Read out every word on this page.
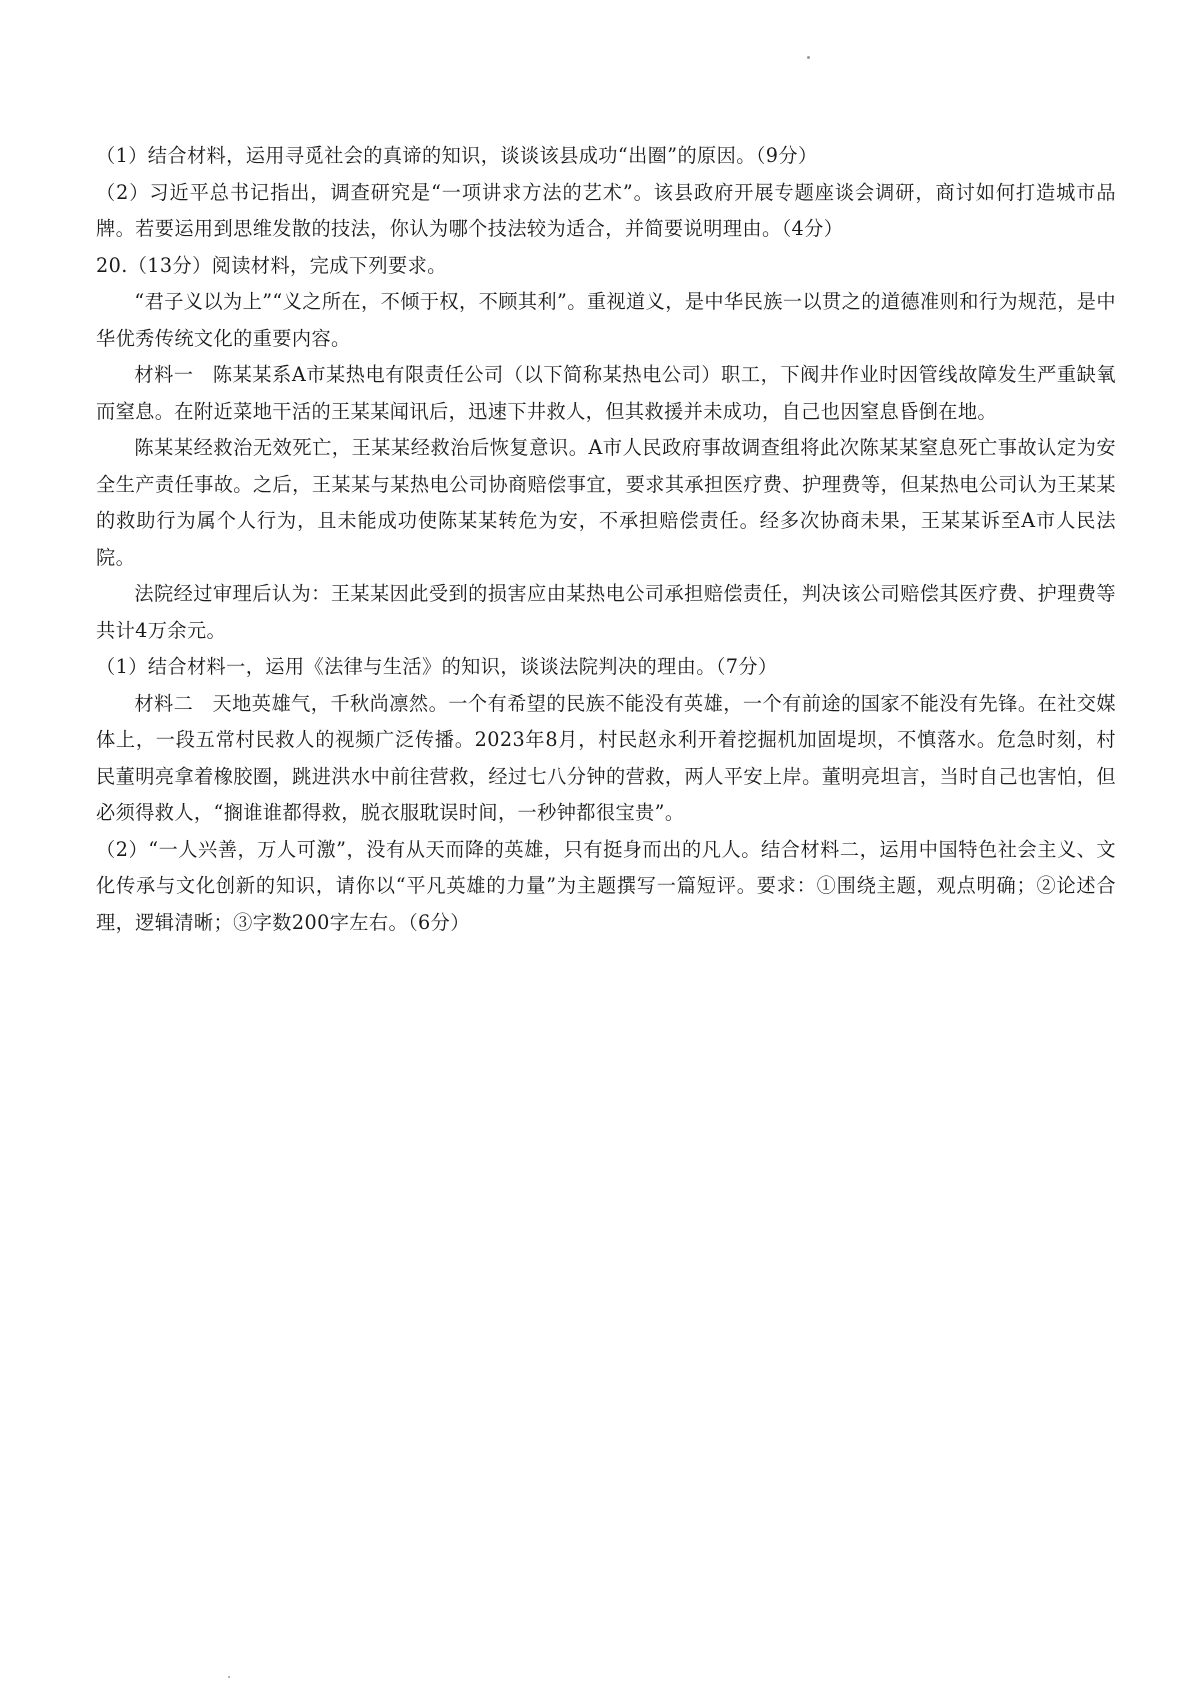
（1）结合材料，运用寻觅社会的真谛的知识，谈谈该县成功“出圈”的原因。（9分）

（2）习近平总书记指出，调查研究是“一项讲求方法的艺术”。该县政府开展专题座谈会调研，商讨如何打造城市品牌。若要运用到思维发散的技法，你认为哪个技法较为适合，并简要说明理由。（4分）

20.（13分）阅读材料，完成下列要求。

“君子义以为上”“义之所在，不倾于权，不顾其利”。重视道义，是中华民族一以贯之的道德准则和行为规范，是中华优秀传统文化的重要内容。

材料一 陈某某系A市某热电有限责任公司（以下简称某热电公司）职工，下阀井作业时因管线故障发生严重缺氧而窒息。在附近菜地干活的王某某闻讯后，迅速下井救人，但其救援并未成功，自己也因窒息昏倒在地。

陈某某经救治无效死亡，王某某经救治后恢复意识。A市人民政府事故调查组将此次陈某某窒息死亡事故认定为安全生产责任事故。之后，王某某与某热电公司协商赔偿事宜，要求其承担医疗费、护理费等，但某热电公司认为王某某的救助行为属个人行为，且未能成功使陈某某转危为安，不承担赔偿责任。经多次协商未果，王某某诉至A市人民法院。

法院经过审理后认为：王某某因此受到的损害应由某热电公司承担赔偿责任，判决该公司赔偿其医疗费、护理费等共计4万余元。

（1）结合材料一，运用《法律与生活》的知识，谈谈法院判决的理由。（7分）

材料二 天地英雄气，千秋尚凛然。一个有希望的民族不能没有英雄，一个有前途的国家不能没有先锋。在社交媒体上，一段五常村民救人的视频广泛传播。2023年8月，村民赵永利开着挖掘机加固堤坝，不慎落水。危急时刻，村民董明亮拿着橡胶圈，跳进洪水中前往营救，经过七八分钟的营救，两人平安上岸。董明亮坦言，当时自己也害怕，但必须得救人，“搁谁谁都得救，脱衣服耽误时间，一秒钟都很宝贵”。

（2）“一人兴善，万人可激”，没有从天而降的英雄，只有挺身而出的凡人。结合材料二，运用中国特色社会主义、文化传承与文化创新的知识，请你以“平凡英雄的力量”为主题撰写一篇短评。要求：①围绕主题，观点明确；②论述合理，逻辑清晰；③字数200字左右。（6分）
